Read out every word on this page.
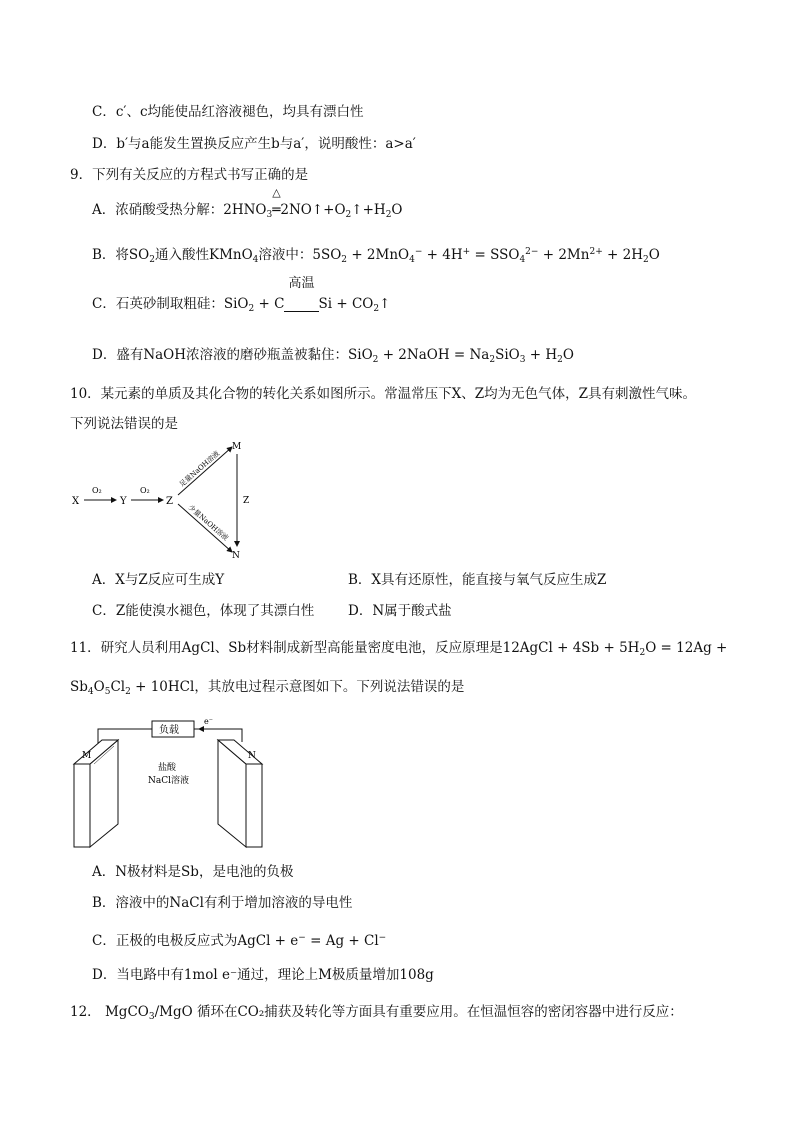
C．c′、c均能使品红溶液褪色，均具有漂白性
D．b′与a能发生置换反应产生b与a′，说明酸性：a>a′
9．下列有关反应的方程式书写正确的是
A．浓硝酸受热分解：$2HNO_3$
△
$═2NO↑+O_2↑+H_2O$
B．将$SO_2$通入酸性KMnO$_4$溶液中：$5SO_2 + 2MnO_4^- + 4H^+ = SSO_4^{2-} + 2Mn^{2+} + 2H_2O$
C．石英砂制取粗硅：SiO$_2$ + C
高温
$Si + CO_2↑$
D．盛有NaOH浓溶液的磨砂瓶盖被黏住：SiO$_2$ + 2NaOH = $Na_2SiO_3 + H_2O$
10．某元素的单质及其化合物的转化关系如图所示。常温常压下X、Z均为无色气体，Z具有刺激性气味。
下列说法错误的是
X
O₂
Y
O₂
Z
足量NaOH溶液
少量NaOH溶液
M
N
Z
A．X与Z反应可生成Y	B．X具有还原性，能直接与氧气反应生成Z
C．Z能使溴水褪色，体现了其漂白性	D．N属于酸式盐
11．研究人员利用AgCl、Sb材料制成新型高能量密度电池，反应原理是12AgCl + $4Sb + 5H_2O = 12Ag$ +
$Sb_4O_5Cl_2 + 10HCl$，其放电过程示意图如下。下列说法错误的是
负载
e⁻
M	N
盐酸
NaCl溶液
A．N极材料是Sb，是电池的负极
B．溶液中的NaCl有利于增加溶液的导电性
C．正极的电极反应式为AgCl + e− = Ag + Cl−
D．当电路中有1mol e⁻通过，理论上M极质量增加108g
12． MgCO$_3$/MgO 循环在CO₂捕获及转化等方面具有重要应用。在恒温恒容的密闭容器中进行反应：
